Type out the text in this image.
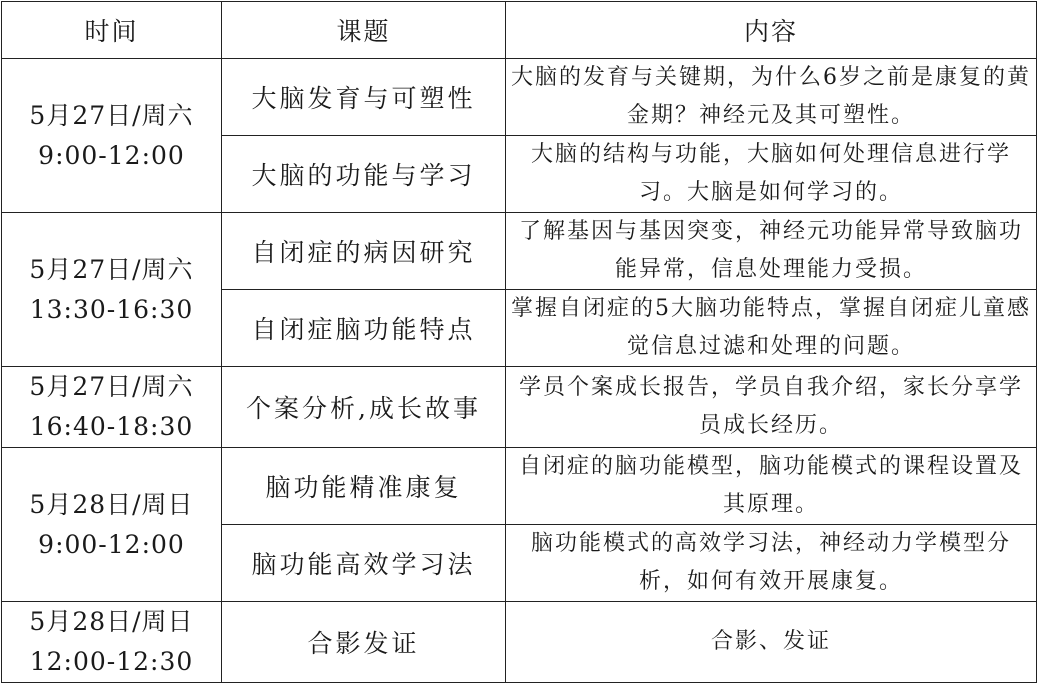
时间	课题	内容

5月27日/周六
9:00-12:00	大脑发育与可塑性	大脑的发育与关键期，为什么6岁之前是康复的黄金期？神经元及其可塑性。
	大脑的功能与学习	大脑的结构与功能，大脑如何处理信息进行学习。大脑是如何学习的。

5月27日/周六
13:30-16:30	自闭症的病因研究	了解基因与基因突变，神经元功能异常导致脑功能异常，信息处理能力受损。
	自闭症脑功能特点	掌握自闭症的5大脑功能特点，掌握自闭症儿童感觉信息过滤和处理的问题。

5月27日/周六
16:40-18:30	个案分析,成长故事	学员个案成长报告，学员自我介绍，家长分享学员成长经历。

5月28日/周日
9:00-12:00	脑功能精准康复	自闭症的脑功能模型，脑功能模式的课程设置及其原理。
	脑功能高效学习法	脑功能模式的高效学习法，神经动力学模型分析，如何有效开展康复。

5月28日/周日
12:00-12:30	合影发证	合影、发证
